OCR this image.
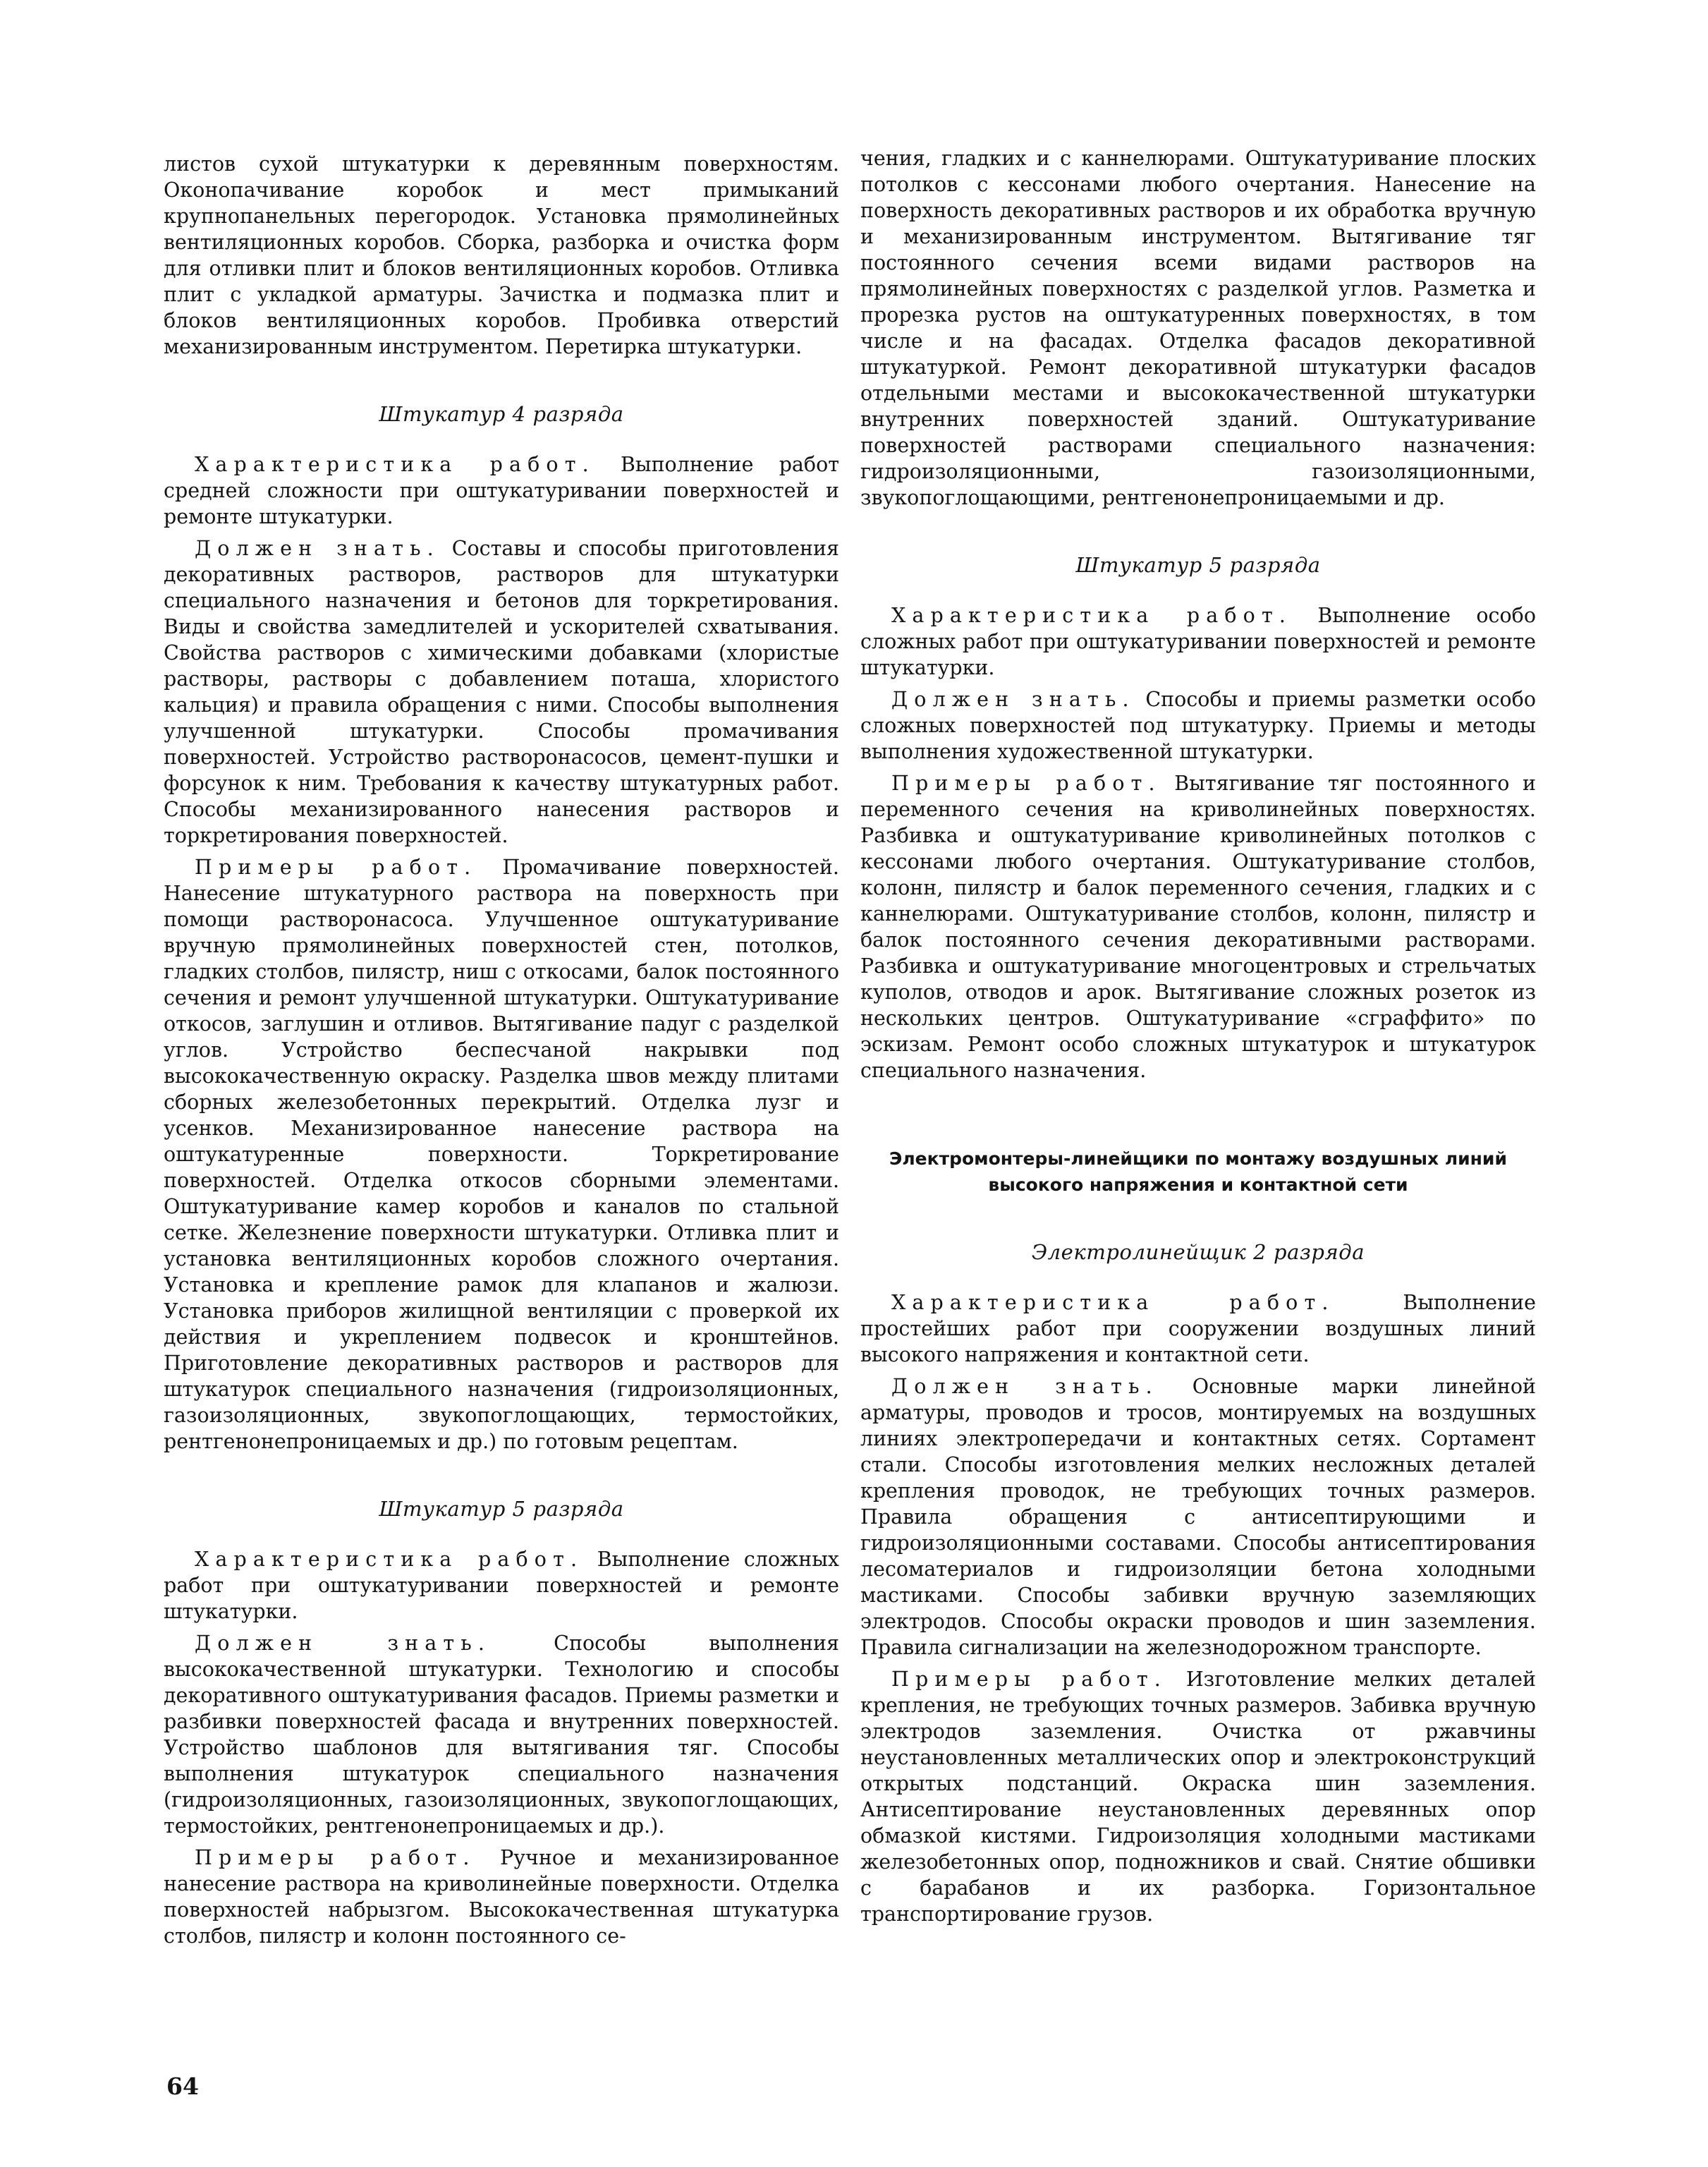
листов сухой штукатурки к деревянным поверхностям. Оконопачивание коробок и мест примыканий крупнопанельных перегородок. Установка прямолинейных вентиляционных коробов. Сборка, разборка и очистка форм для отливки плит и блоков вентиляционных коробов. Отливка плит с укладкой арматуры. Зачистка и подмазка плит и блоков вентиляционных коробов. Пробивка отверстий механизированным инструментом. Перетирка штукатурки.

Штукатур 4 разряда

Характеристика работ. Выполнение работ средней сложности при оштукатуривании поверхностей и ремонте штукатурки.

Должен знать. Составы и способы приготовления декоративных растворов, растворов для штукатурки специального назначения и бетонов для торкретирования. Виды и свойства замедлителей и ускорителей схватывания. Свойства растворов с химическими добавками (хлористые растворы, растворы с добавлением поташа, хлористого кальция) и правила обращения с ними. Способы выполнения улучшенной штукатурки. Способы промачивания поверхностей. Устройство растворонасосов, цемент-пушки и форсунок к ним. Требования к качеству штукатурных работ. Способы механизированного нанесения растворов и торкретирования поверхностей.

Примеры работ. Промачивание поверхностей. Нанесение штукатурного раствора на поверхность при помощи растворонасоса. Улучшенное оштукатуривание вручную прямолинейных поверхностей стен, потолков, гладких столбов, пилястр, ниш с откосами, балок постоянного сечения и ремонт улучшенной штукатурки. Оштукатуривание откосов, заглушин и отливов. Вытягивание падуг с разделкой углов. Устройство беспесчаной накрывки под высококачественную окраску. Разделка швов между плитами сборных железобетонных перекрытий. Отделка лузг и усенков. Механизированное нанесение раствора на оштукатуренные поверхности. Торкретирование поверхностей. Отделка откосов сборными элементами. Оштукатуривание камер коробов и каналов по стальной сетке. Железнение поверхности штукатурки. Отливка плит и установка вентиляционных коробов сложного очертания. Установка и крепление рамок для клапанов и жалюзи. Установка приборов жилищной вентиляции с проверкой их действия и укреплением подвесок и кронштейнов. Приготовление декоративных растворов и растворов для штукатурок специального назначения (гидроизоляционных, газоизоляционных, звукопоглощающих, термостойких, рентгенонепроницаемых и др.) по готовым рецептам.

Штукатур 5 разряда

Характеристика работ. Выполнение сложных работ при оштукатуривании поверхностей и ремонте штукатурки.

Должен знать.	Способы выполнения высококачественной штукатурки. Технологию и способы декоративного оштукатуривания фасадов. Приемы разметки и разбивки поверхностей фасада и внутренних поверхностей. Устройство шаблонов для вытягивания тяг. Способы выполнения штукатурок специального назначения (гидроизоляционных, газоизоляционных, звукопоглощающих, термостойких, рентгенонепроницаемых и др.).

Примеры работ. Ручное и механизированное нанесение раствора на криволинейные поверхности. Отделка поверхностей набрызгом. Высококачественная штукатурка столбов, пилястр и колонн постоянного се-

чения, гладких и с каннелюрами. Оштукатуривание плоских потолков с кессонами любого очертания. Нанесение на поверхность декоративных растворов и их обработка вручную и механизированным инструментом. Вытягивание тяг постоянного сечения всеми видами растворов на прямолинейных поверхностях с разделкой углов. Разметка и прорезка рустов на оштукатуренных поверхностях, в том числе и на фасадах. Отделка фасадов декоративной штукатуркой. Ремонт декоративной штукатурки фасадов отдельными местами и высококачественной штукатурки внутренних поверхностей зданий. Оштукатуривание поверхностей растворами специального назначения: гидроизоляционными, газоизоляционными, звукопоглощающими, рентгенонепроницаемыми и др.

Штукатур 5 разряда

Характеристика работ. Выполнение особо сложных работ при оштукатуривании поверхностей и ремонте штукатурки.

Должен знать. Способы и приемы разметки особо сложных поверхностей под штукатурку. Приемы и методы выполнения художественной штукатурки.

Примеры работ. Вытягивание тяг постоянного и переменного сечения на криволинейных поверхностях. Разбивка и оштукатуривание криволинейных потолков с кессонами любого очертания. Оштукатуривание столбов, колонн, пилястр и балок переменного сечения, гладких и с каннелюрами. Оштукатуривание столбов, колонн, пилястр и балок постоянного сечения декоративными растворами. Разбивка и оштукатуривание многоцентровых и стрельчатых куполов, отводов и арок. Вытягивание сложных розеток из нескольких центров. Оштукатуривание «сграффито» по эскизам. Ремонт особо сложных штукатурок и штукатурок специального назначения.

Электромонтеры-линейщики по монтажу воздушных линий высокого напряжения и контактной сети
Электролинейщик 2 разряда

Характеристика работ.	Выполнение простейших работ при сооружении воздушных линий высокого напряжения и контактной сети.

Должен знать. Основные марки линейной арматуры, проводов и тросов, монтируемых на воздушных линиях электропередачи и контактных сетях. Сортамент стали. Способы изготовления мелких несложных деталей крепления проводок, не требующих точных размеров. Правила обращения с антисептирующими и гидроизоляционными составами. Способы антисептирования лесоматериалов и гидроизоляции бетона холодными мастиками. Способы забивки вручную заземляющих электродов. Способы окраски проводов и шин заземления. Правила сигнализации на железнодорожном транспорте.

Примеры работ. Изготовление мелких деталей крепления, не требующих точных размеров. Забивка вручную электродов заземления. Очистка от ржавчины неустановленных металлических опор и электроконструкций открытых подстанций. Окраска шин заземления. Антисептирование неустановленных деревянных опор обмазкой кистями. Гидроизоляция холодными мастиками железобетонных опор, подножников и свай. Снятие обшивки с барабанов и их разборка. Горизонтальное транспортирование грузов.

64
